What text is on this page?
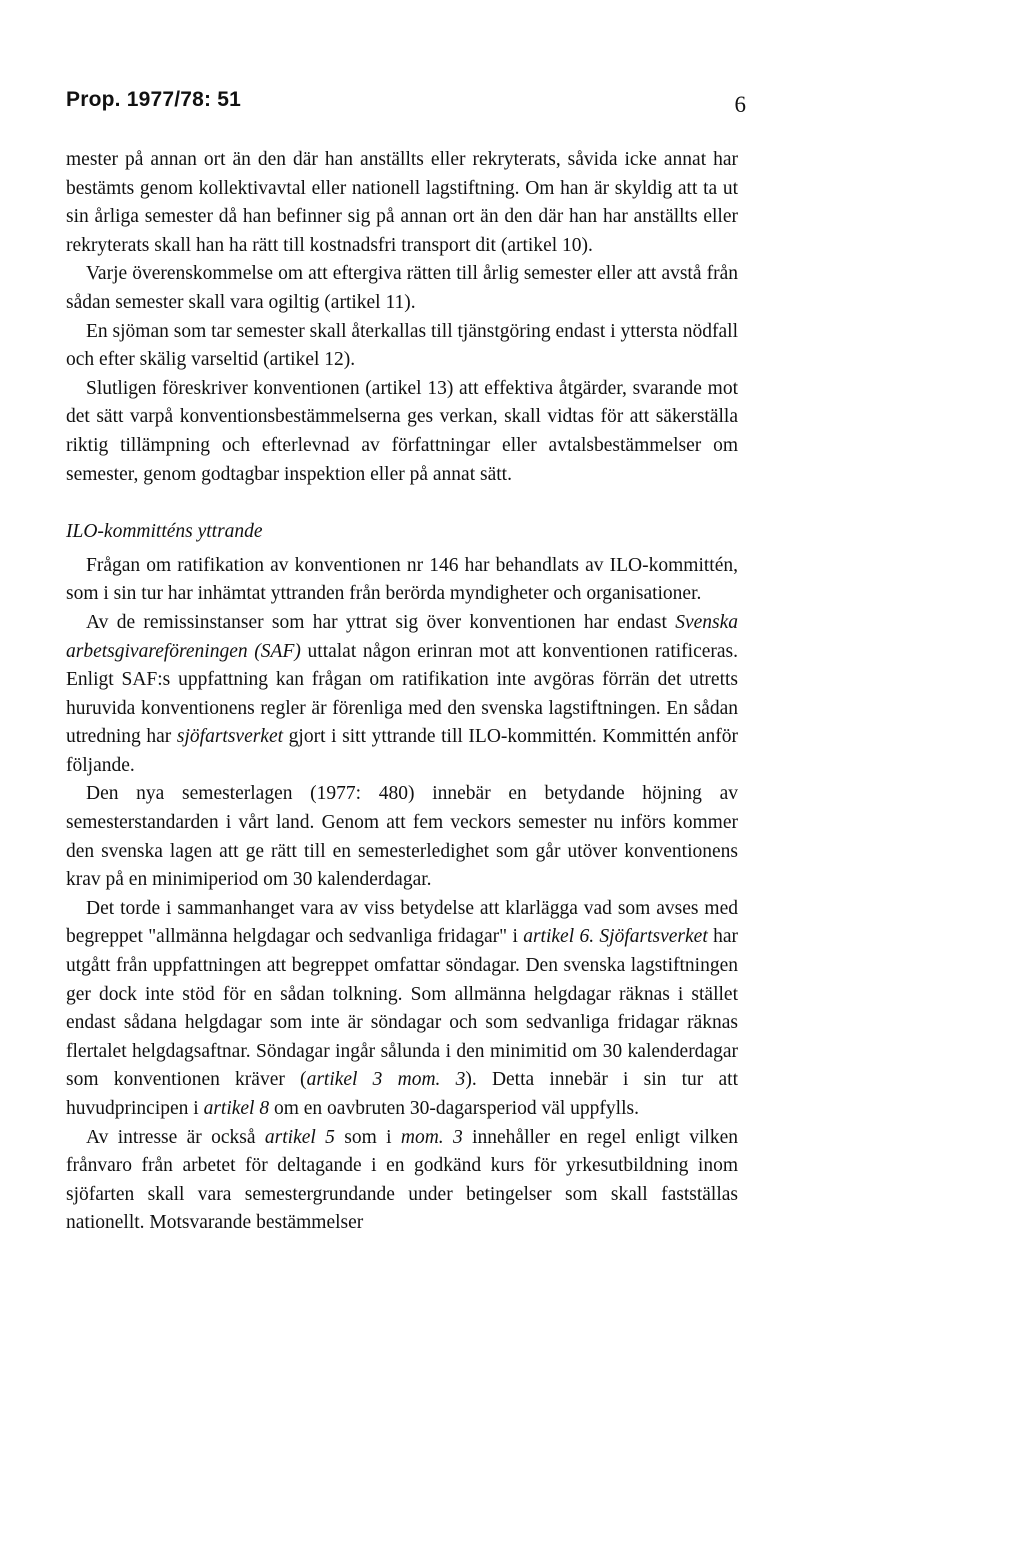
Prop. 1977/78: 51	6

mester på annan ort än den där han anställts eller rekryterats, såvida icke annat har bestämts genom kollektivavtal eller nationell lagstiftning. Om han är skyldig att ta ut sin årliga semester då han befinner sig på annan ort än den där han har anställts eller rekryterats skall han ha rätt till kostnadsfri transport dit (artikel 10).

Varje överenskommelse om att eftergiva rätten till årlig semester eller att avstå från sådan semester skall vara ogiltig (artikel 11).

En sjöman som tar semester skall återkallas till tjänstgöring endast i yttersta nödfall och efter skälig varseltid (artikel 12).

Slutligen föreskriver konventionen (artikel 13) att effektiva åtgärder, svarande mot det sätt varpå konventionsbestämmelserna ges verkan, skall vidtas för att säkerställa riktig tillämpning och efterlevnad av författningar eller avtalsbestämmelser om semester, genom godtagbar inspektion eller på annat sätt.

ILO-kommitténs yttrande

Frågan om ratifikation av konventionen nr 146 har behandlats av ILO-kommittén, som i sin tur har inhämtat yttranden från berörda myndigheter och organisationer.

Av de remissinstanser som har yttrat sig över konventionen har endast Svenska arbetsgivareföreningen (SAF) uttalat någon erinran mot att konventionen ratificeras. Enligt SAF:s uppfattning kan frågan om ratifikation inte avgöras förrän det utretts huruvida konventionens regler är förenliga med den svenska lagstiftningen. En sådan utredning har sjöfartsverket gjort i sitt yttrande till ILO-kommittén. Kommittén anför följande.

Den nya semesterlagen (1977: 480) innebär en betydande höjning av semesterstandarden i vårt land. Genom att fem veckors semester nu införs kommer den svenska lagen att ge rätt till en semesterledighet som går utöver konventionens krav på en minimiperiod om 30 kalenderdagar.

Det torde i sammanhanget vara av viss betydelse att klarlägga vad som avses med begreppet "allmänna helgdagar och sedvanliga fridagar" i artikel 6. Sjöfartsverket har utgått från uppfattningen att begreppet omfattar söndagar. Den svenska lagstiftningen ger dock inte stöd för en sådan tolkning. Som allmänna helgdagar räknas i stället endast sådana helgdagar som inte är söndagar och som sedvanliga fridagar räknas flertalet helgdagsaftnar. Söndagar ingår sålunda i den minimitid om 30 kalenderdagar som konventionen kräver (artikel 3 mom. 3). Detta innebär i sin tur att huvudprincipen i artikel 8 om en oavbruten 30-dagarsperiod väl uppfylls.

Av intresse är också artikel 5 som i mom. 3 innehåller en regel enligt vilken frånvaro från arbetet för deltagande i en godkänd kurs för yrkesutbildning inom sjöfarten skall vara semestergrundande under betingelser som skall fastställas nationellt. Motsvarande bestämmelser
